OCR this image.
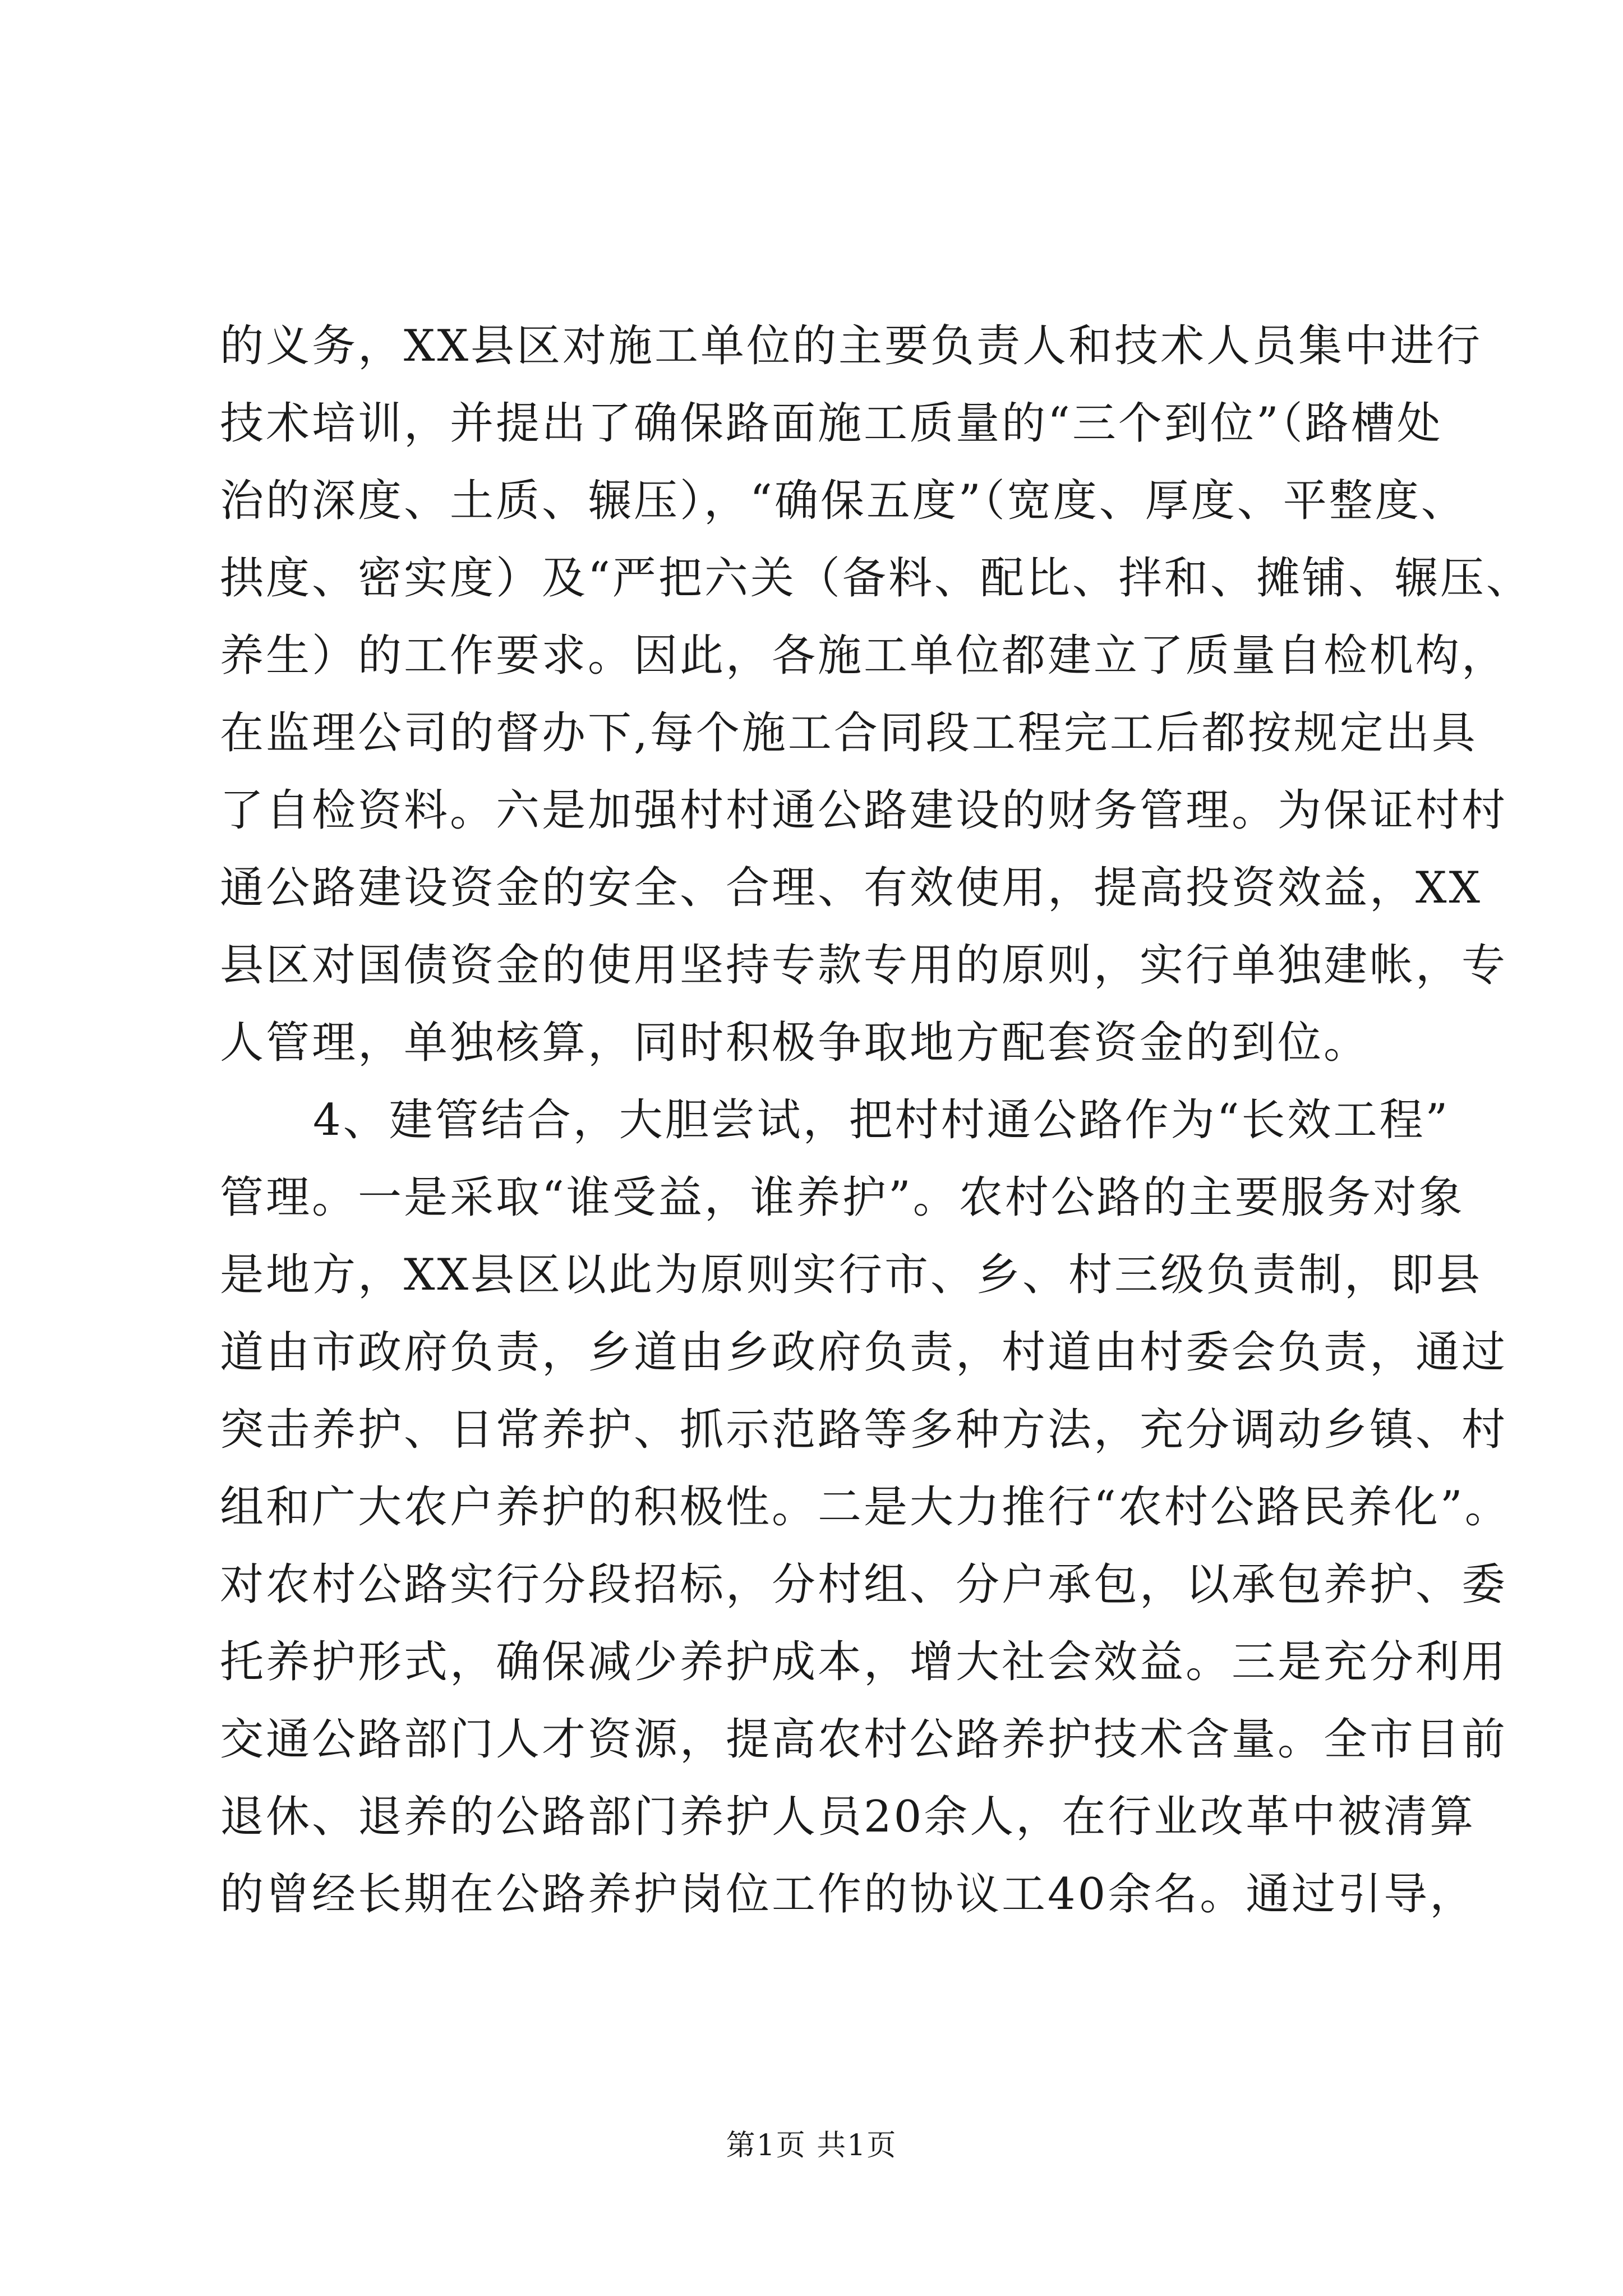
的义务，XX县区对施工单位的主要负责人和技术人员集中进行
技术培训，并提出了确保路面施工质量的“三个到位”（路槽处
治的深度、土质、辗压），“确保五度”（宽度、厚度、平整度、
拱度、密实度）及“严把六关（备料、配比、拌和、摊铺、辗压、
养生）的工作要求。因此，各施工单位都建立了质量自检机构，
在监理公司的督办下,每个施工合同段工程完工后都按规定出具
了自检资料。六是加强村村通公路建设的财务管理。为保证村村
通公路建设资金的安全、合理、有效使用，提高投资效益，XX
县区对国债资金的使用坚持专款专用的原则，实行单独建帐，专
人管理，单独核算，同时积极争取地方配套资金的到位。
4、建管结合，大胆尝试，把村村通公路作为“长效工程”
管理。一是采取“谁受益，谁养护”。农村公路的主要服务对象
是地方，XX县区以此为原则实行市、乡、村三级负责制，即县
道由市政府负责，乡道由乡政府负责，村道由村委会负责，通过
突击养护、日常养护、抓示范路等多种方法，充分调动乡镇、村
组和广大农户养护的积极性。二是大力推行“农村公路民养化”。
对农村公路实行分段招标，分村组、分户承包，以承包养护、委
托养护形式，确保减少养护成本，增大社会效益。三是充分利用
交通公路部门人才资源，提高农村公路养护技术含量。全市目前
退休、退养的公路部门养护人员20余人，在行业改革中被清算
的曾经长期在公路养护岗位工作的协议工40余名。通过引导，
第1页 共1页
